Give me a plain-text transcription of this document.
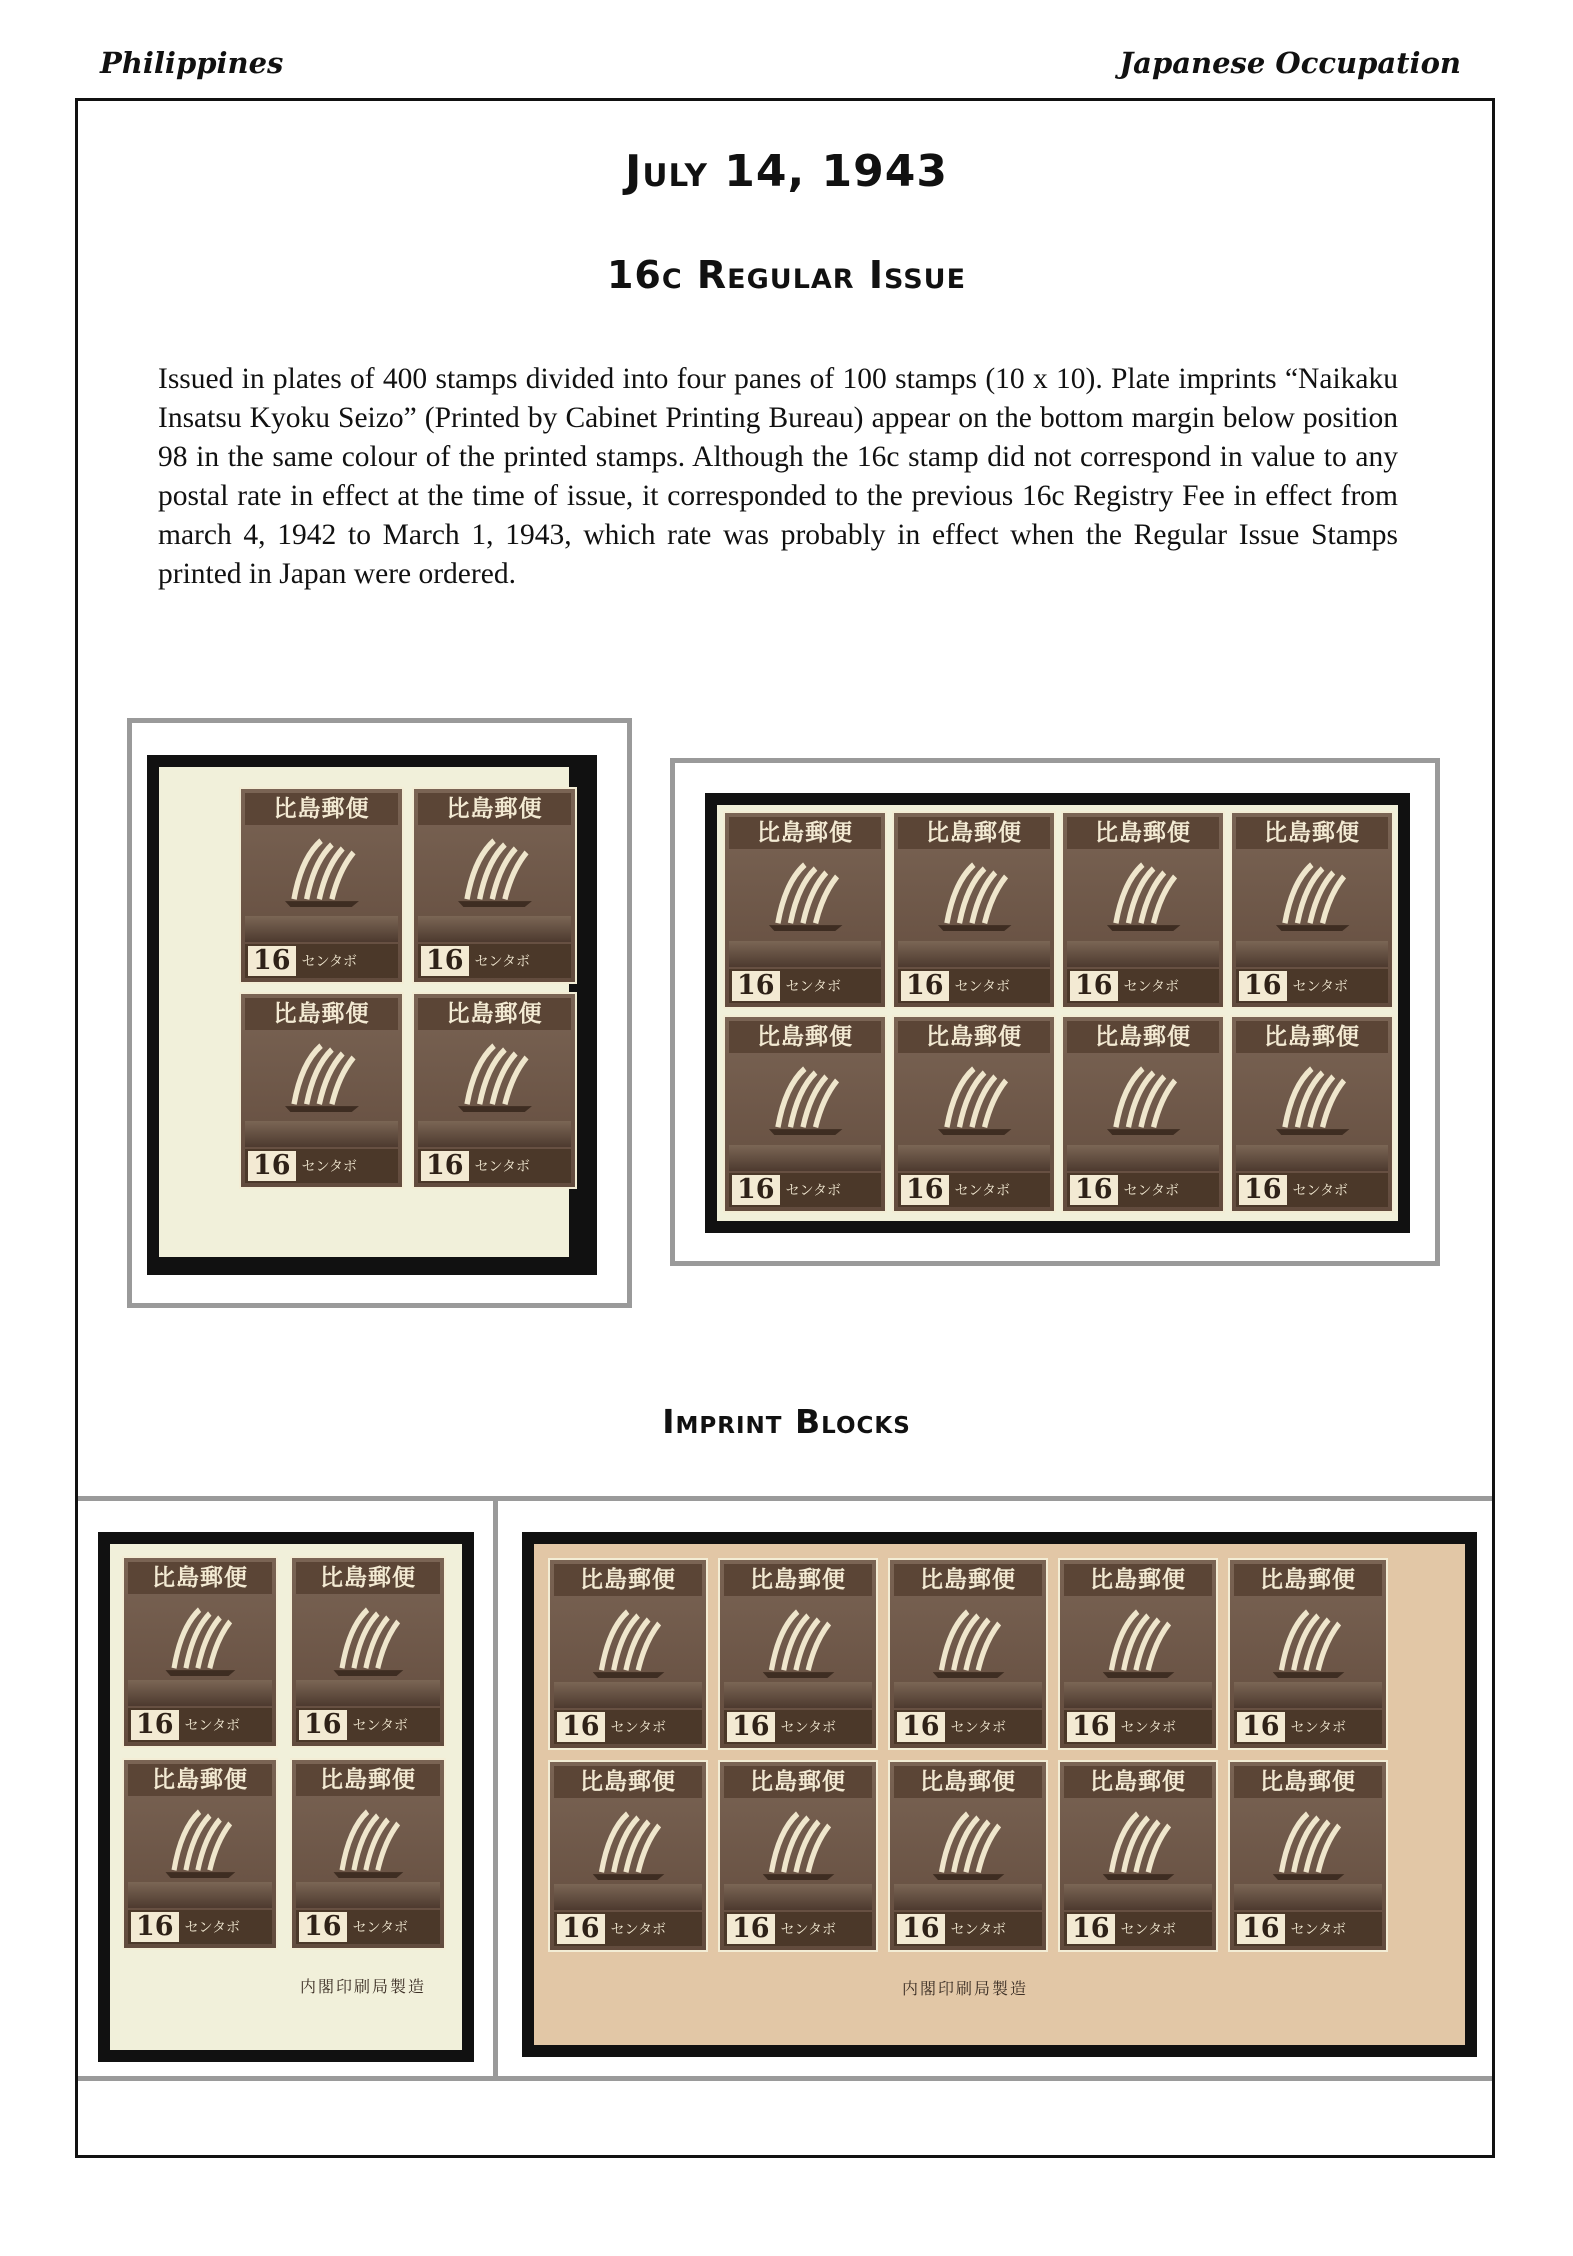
Philippines	Japanese Occupation
July 14, 1943
16c Regular Issue
Issued in plates of 400 stamps divided into four panes of 100 stamps (10 x 10). Plate imprints “Naikaku Insatsu Kyoku Seizo” (Printed by Cabinet Printing Bureau) appear on the bottom margin below position 98 in the same colour of the printed stamps. Although the 16c stamp did not correspond in value to any postal rate in effect at the time of issue, it corresponded to the previous 16c Registry Fee in effect from march 4, 1942 to March 1, 1943, which rate was probably in effect when the Regular Issue Stamps printed in Japan were ordered.
比島郵便
16 センタボ
比島郵便
16 センタボ
比島郵便
16 センタボ
比島郵便
16 センタボ
比島郵便
16 センタボ
比島郵便
16 センタボ
比島郵便
16 センタボ
比島郵便
16 センタボ
比島郵便
16 センタボ
比島郵便
16 センタボ
比島郵便
16 センタボ
比島郵便
16 センタボ
Imprint Blocks
比島郵便
16 センタボ
比島郵便
16 センタボ
比島郵便
16 センタボ
比島郵便
16 センタボ
内閣印刷局製造
比島郵便
16 センタボ
比島郵便
16 センタボ
比島郵便
16 センタボ
比島郵便
16 センタボ
比島郵便
16 センタボ
比島郵便
16 センタボ
比島郵便
16 センタボ
比島郵便
16 センタボ
比島郵便
16 センタボ
比島郵便
16 センタボ
内閣印刷局製造
